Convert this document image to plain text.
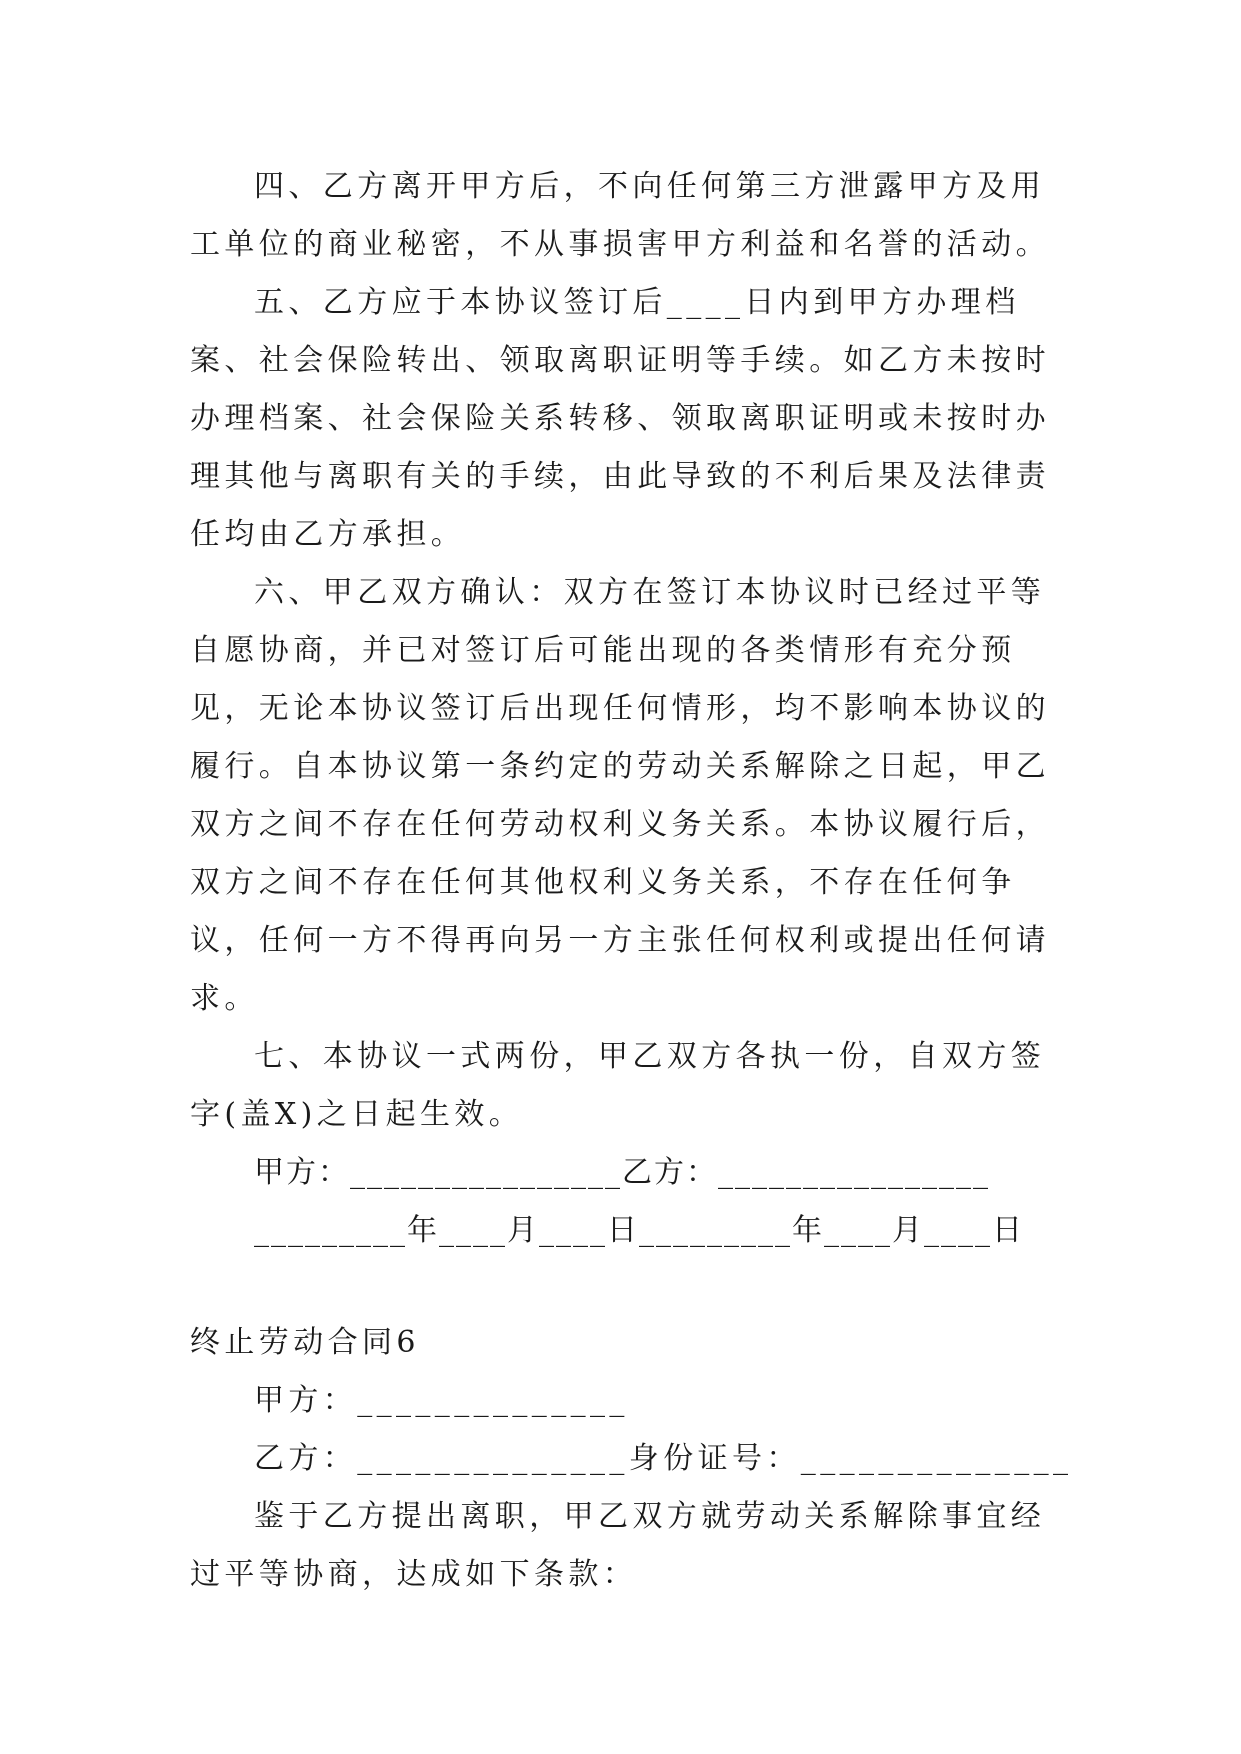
四、乙方离开甲方后，不向任何第三方泄露甲方及用工单位的商业秘密，不从事损害甲方利益和名誉的活动。

五、乙方应于本协议签订后____日内到甲方办理档案、社会保险转出、领取离职证明等手续。如乙方未按时办理档案、社会保险关系转移、领取离职证明或未按时办理其他与离职有关的手续，由此导致的不利后果及法律责任均由乙方承担。

六、甲乙双方确认：双方在签订本协议时已经过平等自愿协商，并已对签订后可能出现的各类情形有充分预见，无论本协议签订后出现任何情形，均不影响本协议的履行。自本协议第一条约定的劳动关系解除之日起，甲乙双方之间不存在任何劳动权利义务关系。本协议履行后，双方之间不存在任何其他权利义务关系，不存在任何争议，任何一方不得再向另一方主张任何权利或提出任何请求。

七、本协议一式两份，甲乙双方各执一份，自双方签字(盖X)之日起生效。

甲方：________________乙方：________________

_________年____月____日_________年____月____日

终止劳动合同6

甲方：______________

乙方：______________身份证号：______________

鉴于乙方提出离职，甲乙双方就劳动关系解除事宜经过平等协商，达成如下条款：
